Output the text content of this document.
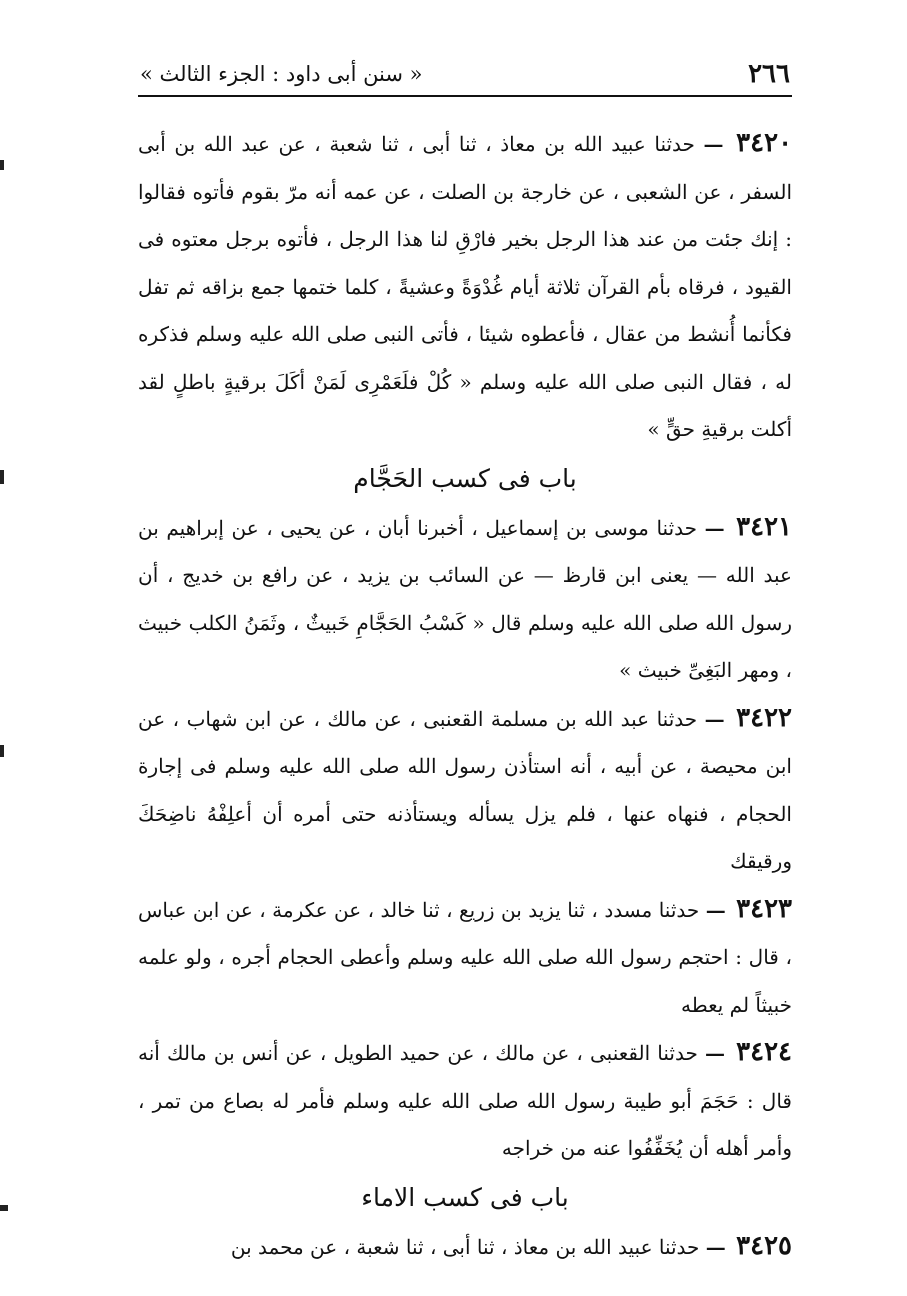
٢٦٦
« سنن أبى داود : الجزء الثالث »

٣٤٢٠ — حدثنا عبيد الله بن معاذ ، ثنا أبى ، ثنا شعبة ، عن عبد الله بن أبى السفر ، عن الشعبى ، عن خارجة بن الصلت ، عن عمه أنه مرّ بقوم فأتوه فقالوا : إنك جئت من عند هذا الرجل بخير فارْقِ لنا هذا الرجل ، فأتوه برجل معتوه فى القيود ، فرقاه بأم القرآن ثلاثة أيام غُدْوَةً وعشيةً ، كلما ختمها جمع بزاقه ثم تفل فكأنما أُنشط من عقال ، فأعطوه شيئا ، فأتى النبى صلى الله عليه وسلم فذكره له ، فقال النبى صلى الله عليه وسلم « كُلْ فلَعَمْرِى لَمَنْ أكَلَ برقيةٍ باطلٍ لقد أكلت برقيةِ حقٍّ »

باب فى كسب الحَجَّام

٣٤٢١ — حدثنا موسى بن إسماعيل ، أخبرنا أبان ، عن يحيى ، عن إبراهيم بن عبد الله — يعنى ابن قارظ — عن السائب بن يزيد ، عن رافع بن خديج ، أن رسول الله صلى الله عليه وسلم قال « كَسْبُ الحَجَّامِ خَبيثٌ ، وثَمَنُ الكلب خبيث ، ومهر البَغِىِّ خبيث »

٣٤٢٢ — حدثنا عبد الله بن مسلمة القعنبى ، عن مالك ، عن ابن شهاب ، عن ابن محيصة ، عن أبيه ، أنه استأذن رسول الله صلى الله عليه وسلم فى إجارة الحجام ، فنهاه عنها ، فلم يزل يسأله ويستأذنه حتى أمره أن أعلِفْهُ ناضِحَكَ ورقيقك

٣٤٢٣ — حدثنا مسدد ، ثنا يزيد بن زريع ، ثنا خالد ، عن عكرمة ، عن ابن عباس ، قال : احتجم رسول الله صلى الله عليه وسلم وأعطى الحجام أجره ، ولو علمه خبيثاً لم يعطه

٣٤٢٤ — حدثنا القعنبى ، عن مالك ، عن حميد الطويل ، عن أنس بن مالك أنه قال : حَجَمَ أبو طيبة رسول الله صلى الله عليه وسلم فأمر له بصاع من تمر ، وأمر أهله أن يُخَفِّفُوا عنه من خراجه

باب فى كسب الاماء

٣٤٢٥ — حدثنا عبيد الله بن معاذ ، ثنا أبى ، ثنا شعبة ، عن محمد بن
